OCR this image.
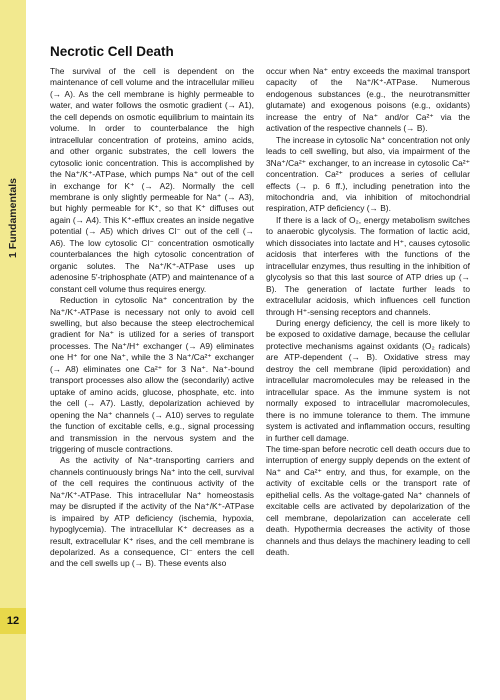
1 Fundamentals
12
Necrotic Cell Death

The survival of the cell is dependent on the maintenance of cell volume and the intracellular milieu (→ A). As the cell membrane is highly permeable to water, and water follows the osmotic gradient (→ A1), the cell depends on osmotic equilibrium to maintain its volume. In order to counterbalance the high intracellular concentration of proteins, amino acids, and other organic substrates, the cell lowers the cytosolic ionic concentration. This is accomplished by the Na⁺/K⁺-ATPase, which pumps Na⁺ out of the cell in exchange for K⁺ (→ A2). Normally the cell membrane is only slightly permeable for Na⁺ (→ A3), but highly permeable for K⁺, so that K⁺ diffuses out again (→ A4). This K⁺-efflux creates an inside negative potential (→ A5) which drives Cl⁻ out of the cell (→ A6). The low cytosolic Cl⁻ concentration osmotically counterbalances the high cytosolic concentration of organic solutes. The Na⁺/K⁺-ATPase uses up adenosine 5′-triphosphate (ATP) and maintenance of a constant cell volume thus requires energy.

Reduction in cytosolic Na⁺ concentration by the Na⁺/K⁺-ATPase is necessary not only to avoid cell swelling, but also because the steep electrochemical gradient for Na⁺ is utilized for a series of transport processes. The Na⁺/H⁺ exchanger (→ A9) eliminates one H⁺ for one Na⁺, while the 3 Na⁺/Ca²⁺ exchanger (→ A8) eliminates one Ca²⁺ for 3 Na⁺. Na⁺-bound transport processes also allow the (secondarily) active uptake of amino acids, glucose, phosphate, etc. into the cell (→ A7). Lastly, depolarization achieved by opening the Na⁺ channels (→ A10) serves to regulate the function of excitable cells, e.g., signal processing and transmission in the nervous system and the triggering of muscle contractions.

As the activity of Na⁺-transporting carriers and channels continuously brings Na⁺ into the cell, survival of the cell requires the continuous activity of the Na⁺/K⁺-ATPase. This intracellular Na⁺ homeostasis may be disrupted if the activity of the Na⁺/K⁺-ATPase is impaired by ATP deficiency (ischemia, hypoxia, hypoglycemia). The intracellular K⁺ decreases as a result, extracellular K⁺ rises, and the cell membrane is depolarized. As a consequence, Cl⁻ enters the cell and the cell swells up (→ B). These events also

occur when Na⁺ entry exceeds the maximal transport capacity of the Na⁺/K⁺-ATPase. Numerous endogenous substances (e.g., the neurotransmitter glutamate) and exogenous poisons (e.g., oxidants) increase the entry of Na⁺ and/or Ca²⁺ via the activation of the respective channels (→ B).

The increase in cytosolic Na⁺ concentration not only leads to cell swelling, but also, via impairment of the 3Na⁺/Ca²⁺ exchanger, to an increase in cytosolic Ca²⁺ concentration. Ca²⁺ produces a series of cellular effects (→ p. 6 ff.), including penetration into the mitochondria and, via inhibition of mitochondrial respiration, ATP deficiency (→ B).

If there is a lack of O₂, energy metabolism switches to anaerobic glycolysis. The formation of lactic acid, which dissociates into lactate and H⁺, causes cytosolic acidosis that interferes with the functions of the intracellular enzymes, thus resulting in the inhibition of glycolysis so that this last source of ATP dries up (→ B). The generation of lactate further leads to extracellular acidosis, which influences cell function through H⁺-sensing receptors and channels.

During energy deficiency, the cell is more likely to be exposed to oxidative damage, because the cellular protective mechanisms against oxidants (O₂ radicals) are ATP-dependent (→ B). Oxidative stress may destroy the cell membrane (lipid peroxidation) and intracellular macromolecules may be released in the intracellular space. As the immune system is not normally exposed to intracellular macromolecules, there is no immune tolerance to them. The immune system is activated and inflammation occurs, resulting in further cell damage.

The time-span before necrotic cell death occurs due to interruption of energy supply depends on the extent of Na⁺ and Ca²⁺ entry, and thus, for example, on the activity of excitable cells or the transport rate of epithelial cells. As the voltage-gated Na⁺ channels of excitable cells are activated by depolarization of the cell membrane, depolarization can accelerate cell death. Hypothermia decreases the activity of those channels and thus delays the machinery leading to cell death.
